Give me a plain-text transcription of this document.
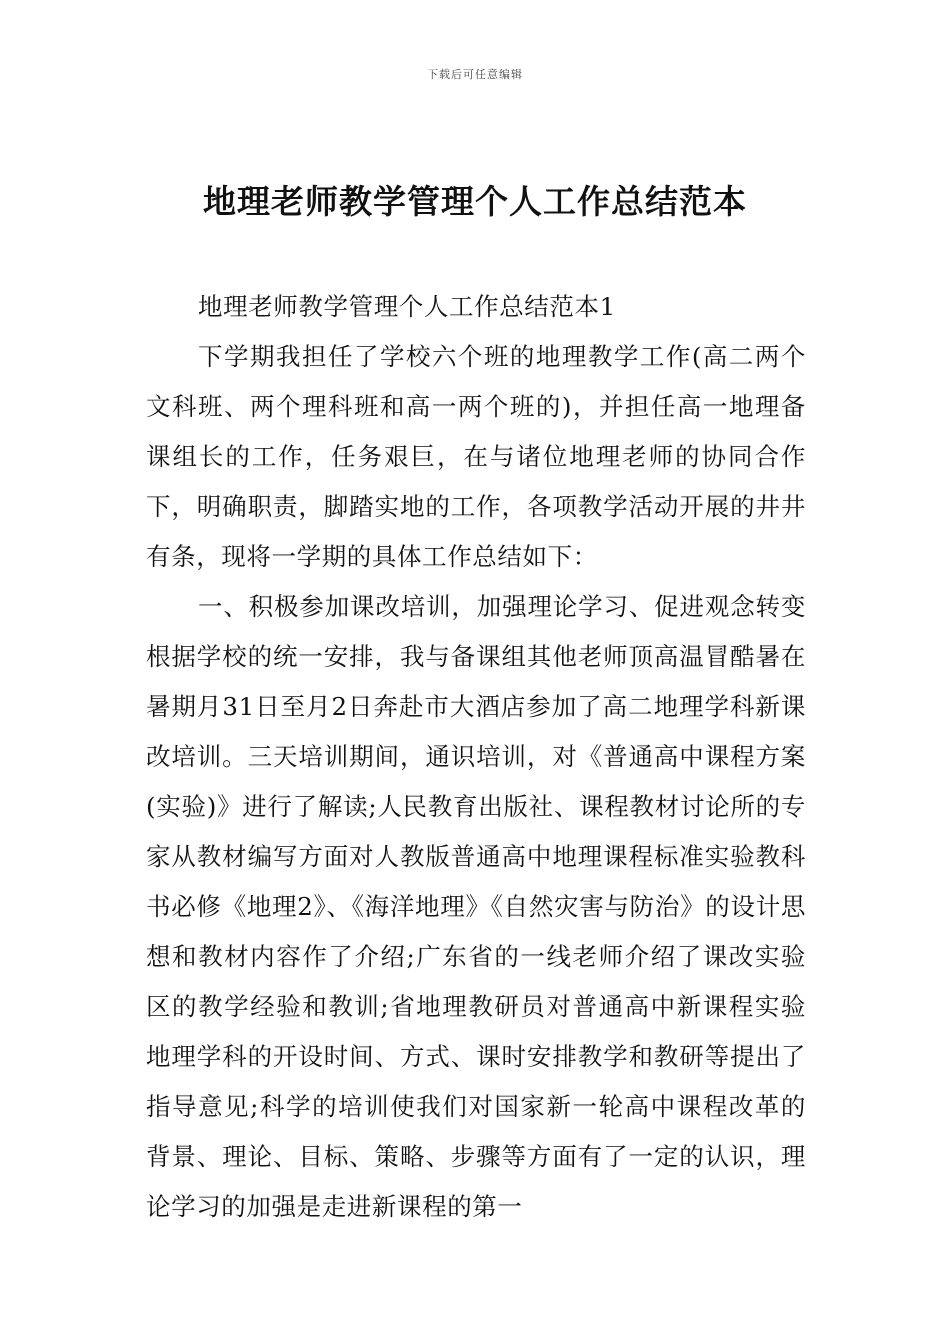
下载后可任意编辑
地理老师教学管理个人工作总结范本

地理老师教学管理个人工作总结范本1

下学期我担任了学校六个班的地理教学工作(高二两个文科班、两个理科班和高一两个班的)，并担任高一地理备课组长的工作，任务艰巨，在与诸位地理老师的协同合作下，明确职责，脚踏实地的工作，各项教学活动开展的井井有条，现将一学期的具体工作总结如下：

一、积极参加课改培训，加强理论学习、促进观念转变根据学校的统一安排，我与备课组其他老师顶高温冒酷暑在暑期月31日至月2日奔赴市大酒店参加了高二地理学科新课改培训。三天培训期间，通识培训，对《普通高中课程方案(实验)》进行了解读;人民教育出版社、课程教材讨论所的专家从教材编写方面对人教版普通高中地理课程标准实验教科书必修《地理2》、《海洋地理》《自然灾害与防治》的设计思想和教材内容作了介绍;广东省的一线老师介绍了课改实验区的教学经验和教训;省地理教研员对普通高中新课程实验地理学科的开设时间、方式、课时安排教学和教研等提出了指导意见;科学的培训使我们对国家新一轮高中课程改革的背景、理论、目标、策略、步骤等方面有了一定的认识，理论学习的加强是走进新课程的第一
